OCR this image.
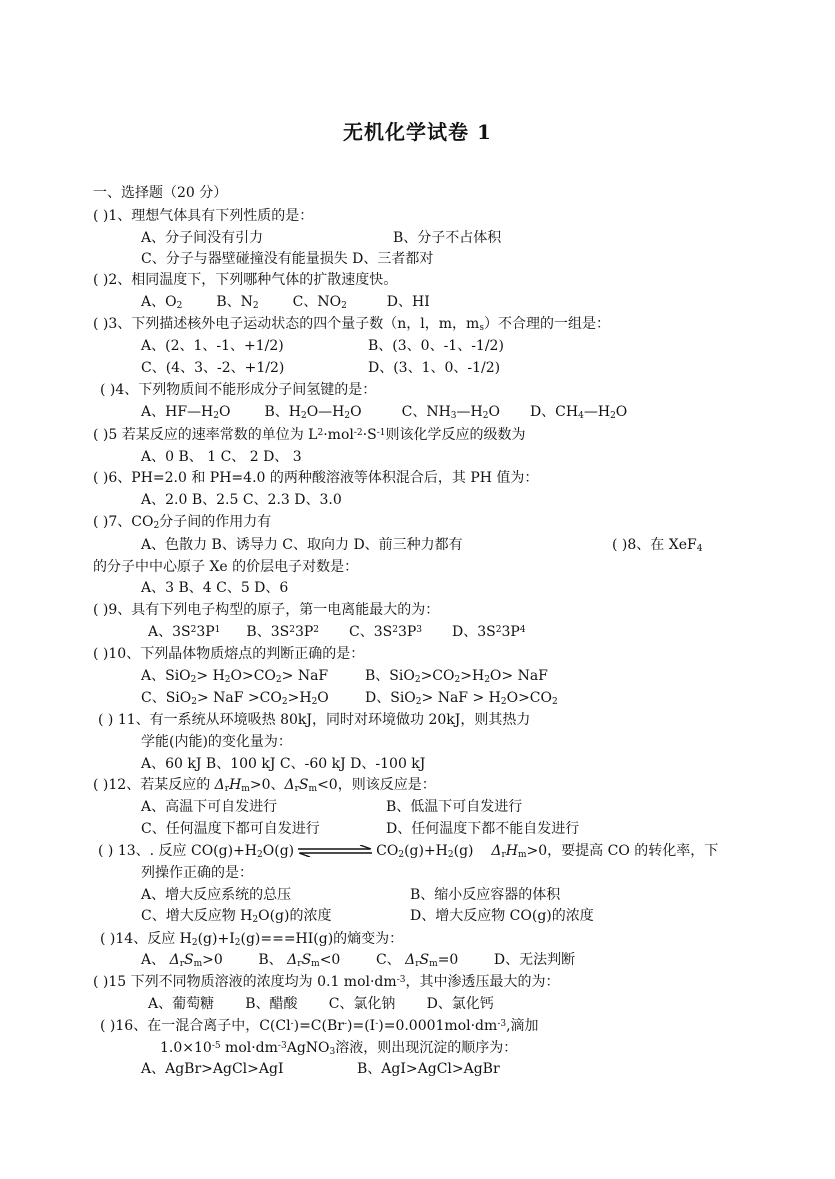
无机化学试卷 1
一、选择题（20 分）
( )1、理想气体具有下列性质的是：
A、分子间没有引力	B、分子不占体积
C、分子与器壁碰撞没有能量损失 D、三者都对
( )2、相同温度下，下列哪种气体的扩散速度快。
A、$O_2$ B、$N_2$ C、$NO_2$	D、HI
( )3、下列描述核外电子运动状态的四个量子数（n，l，m，$m_s$）不合理的一组是：
A、(2、1、-1、+1/2)	B、(3、0、-1、-1/2)
C、(4、3、-2、+1/2)	D、(3、1、0、-1/2)
( )4、下列物质间不能形成分子间氢键的是：
A、$HF—H_2O$ B、$H_2O—H_2O$	C、$NH_3—H_2O$ D、$CH_4—H_2O$
( )5 若某反应的速率常数的单位为 $L^2\cdot mol^{-2}\cdot S^{-1}$则该化学反应的级数为
A、0 B、 1 C、 2 D、 3
( )6、PH=2.0 和 PH=4.0 的两种酸溶液等体积混合后，其 PH 值为：
A、2.0 B、2.5 C、2.3 D、3.0
( )7、$CO_2$分子间的作用力有
A、色散力 B、诱导力 C、取向力 D、前三种力都有	( )8、在 XeF$_4$
的分子中中心原子 Xe 的价层电子对数是：
A、3 B、4 C、5 D、6
( )9、具有下列电子构型的原子，第一电离能最大的为：
A、$3S^23P^1$ B、$3S^23P^2$ C、$3S^23P^3$ D、$3S^23P^4$
( )10、下列晶体物质熔点的判断正确的是：
A、$SiO_2> H_2O>CO_2>$ NaF	B、$SiO_2>CO_2>H_2O>$ NaF
C、SiO$_2$> NaF $>CO_2>H_2O$	D、SiO$_2$> NaF > $H_2O>CO_2$
( ) 11、有一系统从环境吸热 80kJ，同时对环境做功 20kJ，则其热力
学能(内能)的变化量为：
A、60 kJ B、100 kJ C、-60 kJ D、-100 kJ
( )12、若某反应的 $\Delta_rH_m>0$、$\Delta_rS_m<0$，则该反应是：
A、高温下可自发进行	B、低温下可自发进行
C、任何温度下都可自发进行	D、任何温度下都不能自发进行
( ) 13、. 反应 $CO(g)+H_2O(g)$	$CO_2(g)+H_2(g)$    $\Delta_rH_m>0$，要提高 CO 的转化率，下
列操作正确的是：
A、增大反应系统的总压	B、缩小反应容器的体积
C、增大反应物 $H_2O(g)$的浓度	D、增大反应物 CO(g)的浓度
( )14、反应 $H_2(g)+I_2(g)===HI(g)$的熵变为：
A、 $\Delta_rS_m>0$        B、 $\Delta_rS_m<0$        C、 $\Delta_rS_m=0$        D、无法判断
( )15 下列不同物质溶液的浓度均为 0.1 $mol\cdot dm^{-3}$，其中渗透压最大的为：
A、葡萄糖       B、醋酸       C、氯化钠       D、氯化钙
( )16、在一混合离子中，$C(Cl^-)=C(Br^-)=(I^-)=0.0001mol\cdot dm^{-3}$,滴加
$1.0\times 10^{-5}$ $mol\cdot dm^{-3}AgNO_3$溶液，则出现沉淀的顺序为：
A、AgBr>AgCl>AgI	B、AgI>AgCl>AgBr
